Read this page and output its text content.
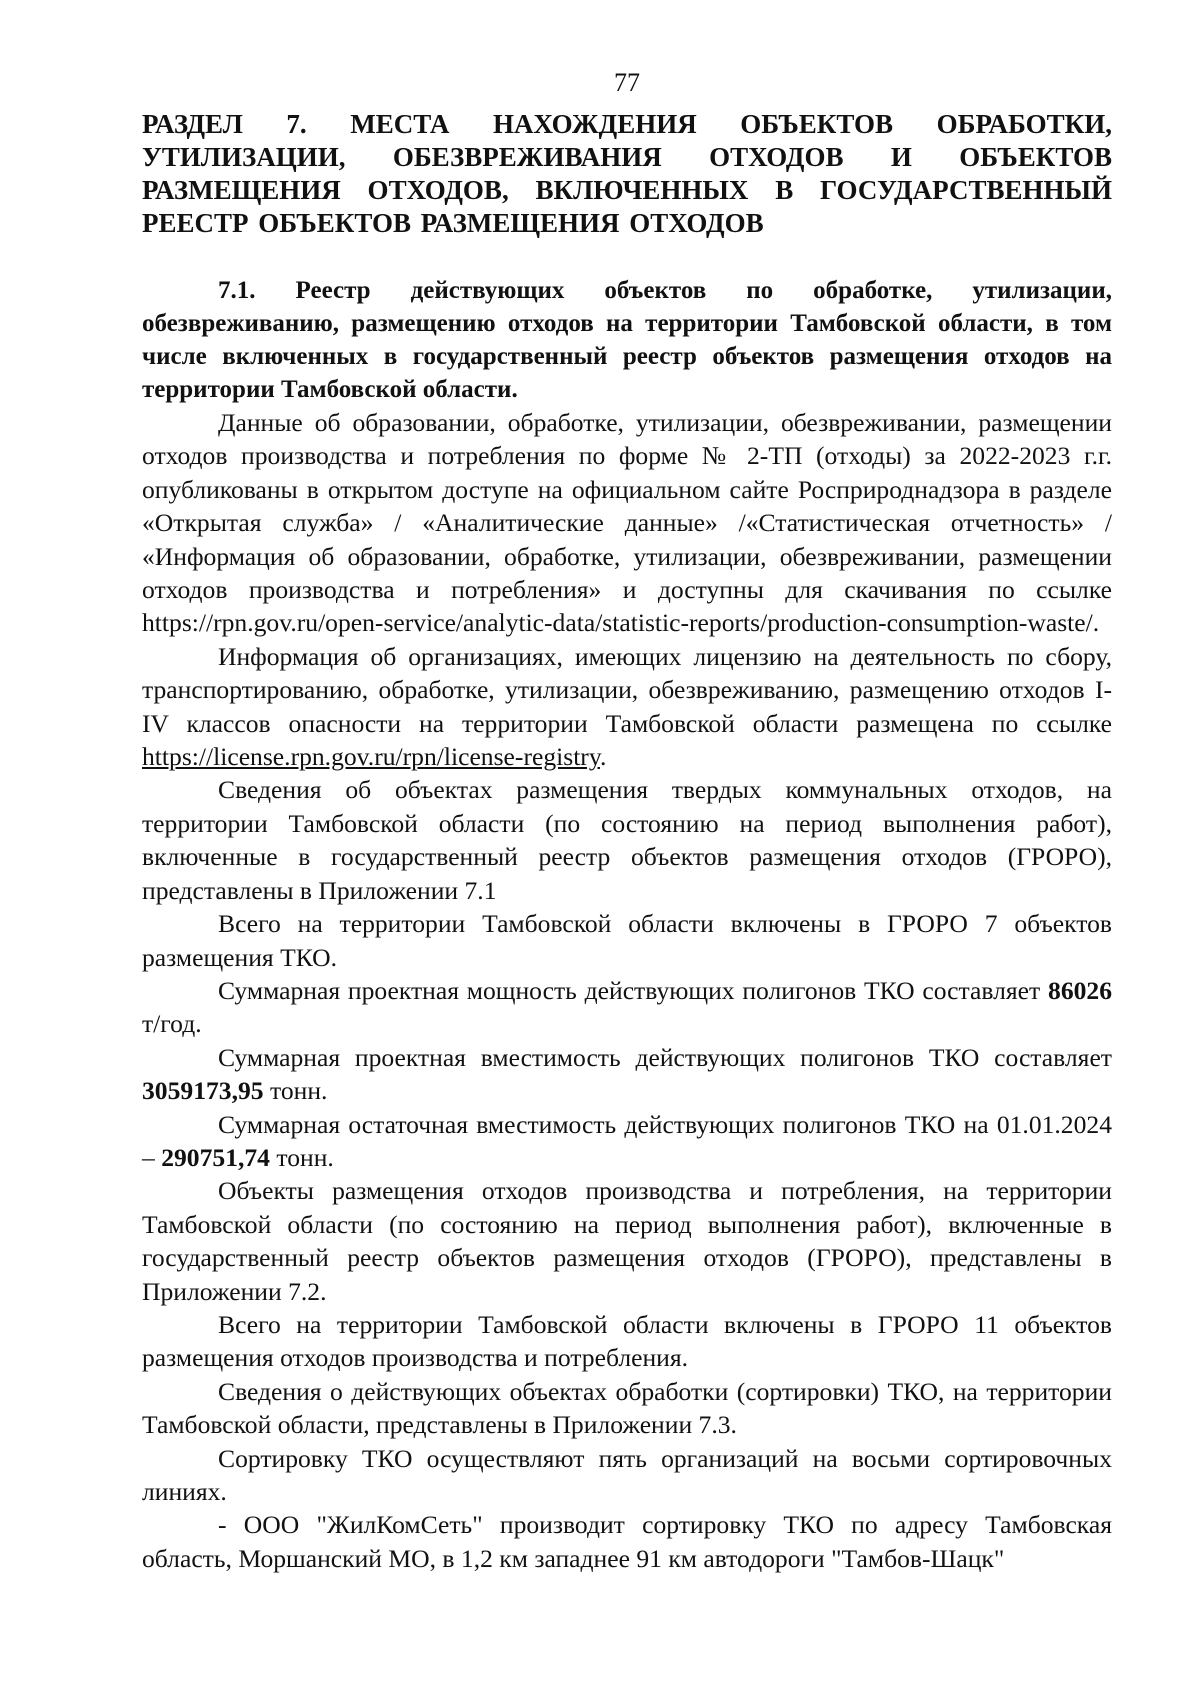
77
РАЗДЕЛ 7. МЕСТА НАХОЖДЕНИЯ ОБЪЕКТОВ ОБРАБОТКИ, УТИЛИЗАЦИИ, ОБЕЗВРЕЖИВАНИЯ ОТХОДОВ И ОБЪЕКТОВ РАЗМЕЩЕНИЯ ОТХОДОВ, ВКЛЮЧЕННЫХ В ГОСУДАРСТВЕННЫЙ РЕЕСТР ОБЪЕКТОВ РАЗМЕЩЕНИЯ ОТХОДОВ

7.1. Реестр действующих объектов по обработке, утилизации, обезвреживанию, размещению отходов на территории Тамбовской области, в том числе включенных в государственный реестр объектов размещения отходов на территории Тамбовской области.

Данные об образовании, обработке, утилизации, обезвреживании, размещении отходов производства и потребления по форме № 2-ТП (отходы) за 2022-2023 г.г. опубликованы в открытом доступе на официальном сайте Росприроднадзора в разделе «Открытая служба» / «Аналитические данные» /«Статистическая отчетность» / «Информация об образовании, обработке, утилизации, обезвреживании, размещении отходов производства и потребления» и доступны для скачивания по ссылке https://rpn.gov.ru/open-service/analytic-data/statistic-reports/production-consumption-waste/.

Информация об организациях, имеющих лицензию на деятельность по сбору, транспортированию, обработке, утилизации, обезвреживанию, размещению отходов I-IV классов опасности на территории Тамбовской области размещена по ссылке https://license.rpn.gov.ru/rpn/license-registry.

Сведения об объектах размещения твердых коммунальных отходов, на территории Тамбовской области (по состоянию на период выполнения работ), включенные в государственный реестр объектов размещения отходов (ГРОРО), представлены в Приложении 7.1

Всего на территории Тамбовской области включены в ГРОРО 7 объектов размещения ТКО.

Суммарная проектная мощность действующих полигонов ТКО составляет 86026 т/год.

Суммарная проектная вместимость действующих полигонов ТКО составляет 3059173,95 тонн.

Суммарная остаточная вместимость действующих полигонов ТКО на 01.01.2024 – 290751,74 тонн.

Объекты размещения отходов производства и потребления, на территории Тамбовской области (по состоянию на период выполнения работ), включенные в государственный реестр объектов размещения отходов (ГРОРО), представлены в Приложении 7.2.

Всего на территории Тамбовской области включены в ГРОРО 11 объектов размещения отходов производства и потребления.

Сведения о действующих объектах обработки (сортировки) ТКО, на территории Тамбовской области, представлены в Приложении 7.3.

Сортировку ТКО осуществляют пять организаций на восьми сортировочных линиях.

- ООО "ЖилКомСеть" производит сортировку ТКО по адресу Тамбовская область, Моршанский МО, в 1,2 км западнее 91 км автодороги "Тамбов-Шацк"
